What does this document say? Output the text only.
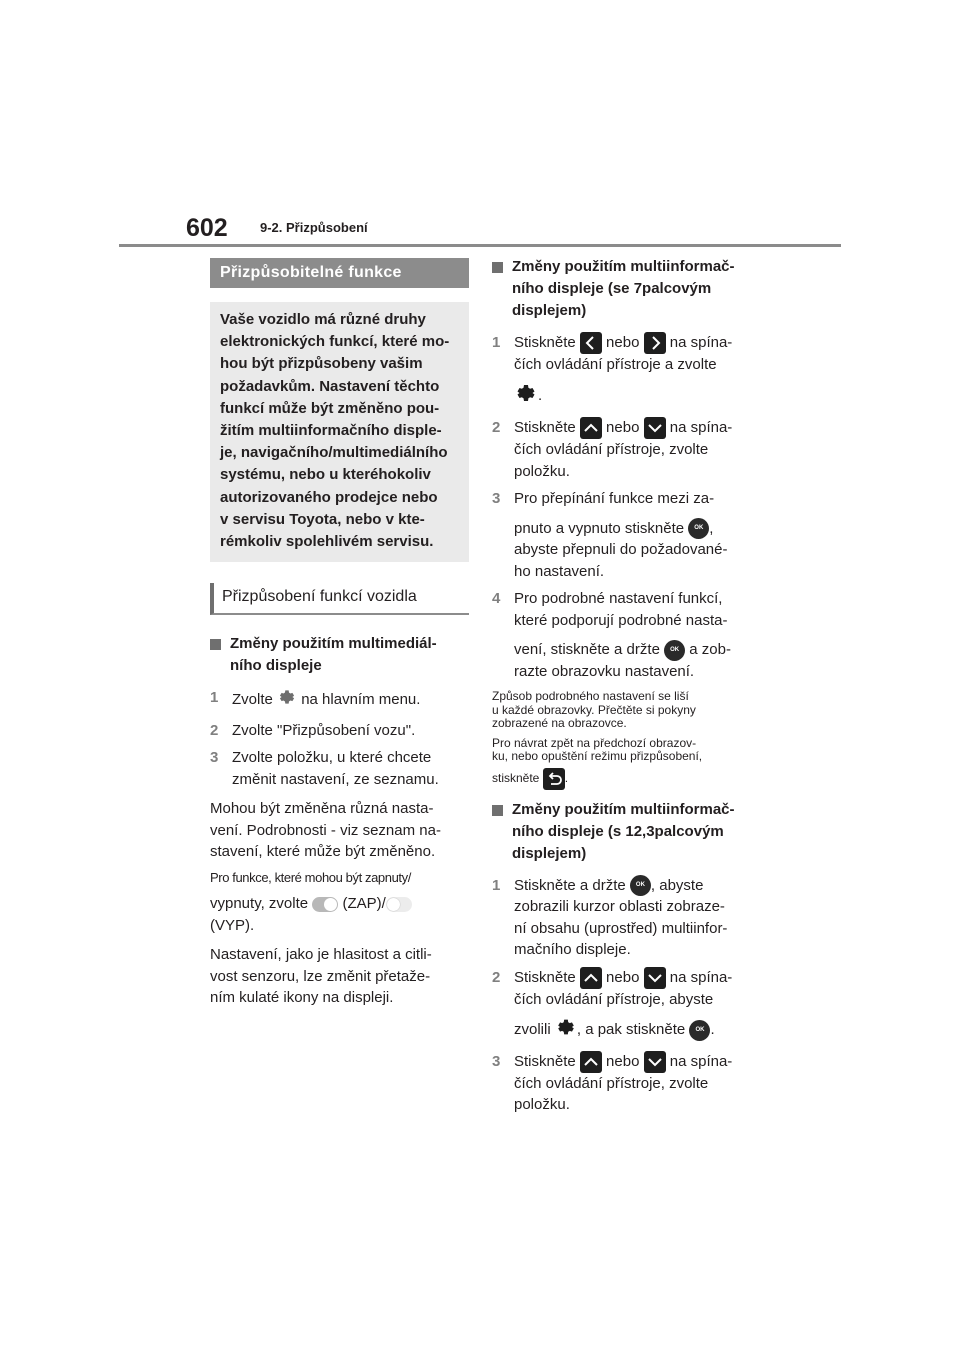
602 9-2. Přizpůsobení
Přizpůsobitelné funkce
Vaše vozidlo má různé druhy
elektronických funkcí, které mo-
hou být přizpůsobeny vašim
požadavkům. Nastavení těchto
funkcí může být změněno pou-
žitím multiinformačního disple-
je, navigačního/multimediálního
systému, nebo u kteréhokoliv
autorizovaného prodejce nebo
v servisu Toyota, nebo v kte-
rémkoliv spolehlivém servisu.
Přizpůsobení funkcí vozidla
Změny použitím multimediál-
ního displeje
1 Zvolte na hlavním menu.
2 Zvolte "Přizpůsobení vozu".
3 Zvolte položku, u které chcete
změnit nastavení, ze seznamu.
Mohou být změněna různá nasta-
vení. Podrobnosti - viz seznam na-
stavení, které může být změněno.
Pro funkce, které mohou být zapnuty/
vypnuty, zvolte (ZAP)/
(VYP).
Nastavení, jako je hlasitost a citli-
vost senzoru, lze změnit přetaže-
ním kulaté ikony na displeji.
Změny použitím multiinformač-
ního displeje (se 7palcovým
displejem)
1 Stiskněte nebo na spína-
čích ovládání přístroje a zvolte
.
2 Stiskněte nebo na spína-
čích ovládání přístroje, zvolte
položku.
3 Pro přepínání funkce mezi za-
pnuto a vypnuto stiskněte OK ,
abyste přepnuli do požadované-
ho nastavení.
4 Pro podrobné nastavení funkcí,
které podporují podrobné nasta-
vení, stiskněte a držte OK a zob-
razte obrazovku nastavení.
Způsob podrobného nastavení se liší
u každé obrazovky. Přečtěte si pokyny
zobrazené na obrazovce.
Pro návrat zpět na předchozí obrazov-
ku, nebo opuštění režimu přizpůsobení,
stiskněte .
Změny použitím multiinformač-
ního displeje (s 12,3palcovým
displejem)
1 Stiskněte a držte OK , abyste
zobrazili kurzor oblasti zobraze-
ní obsahu (uprostřed) multiinfor-
mačního displeje.
2 Stiskněte nebo na spína-
čích ovládání přístroje, abyste
zvolili , a pak stiskněte OK .
3 Stiskněte nebo na spína-
čích ovládání přístroje, zvolte
položku.
